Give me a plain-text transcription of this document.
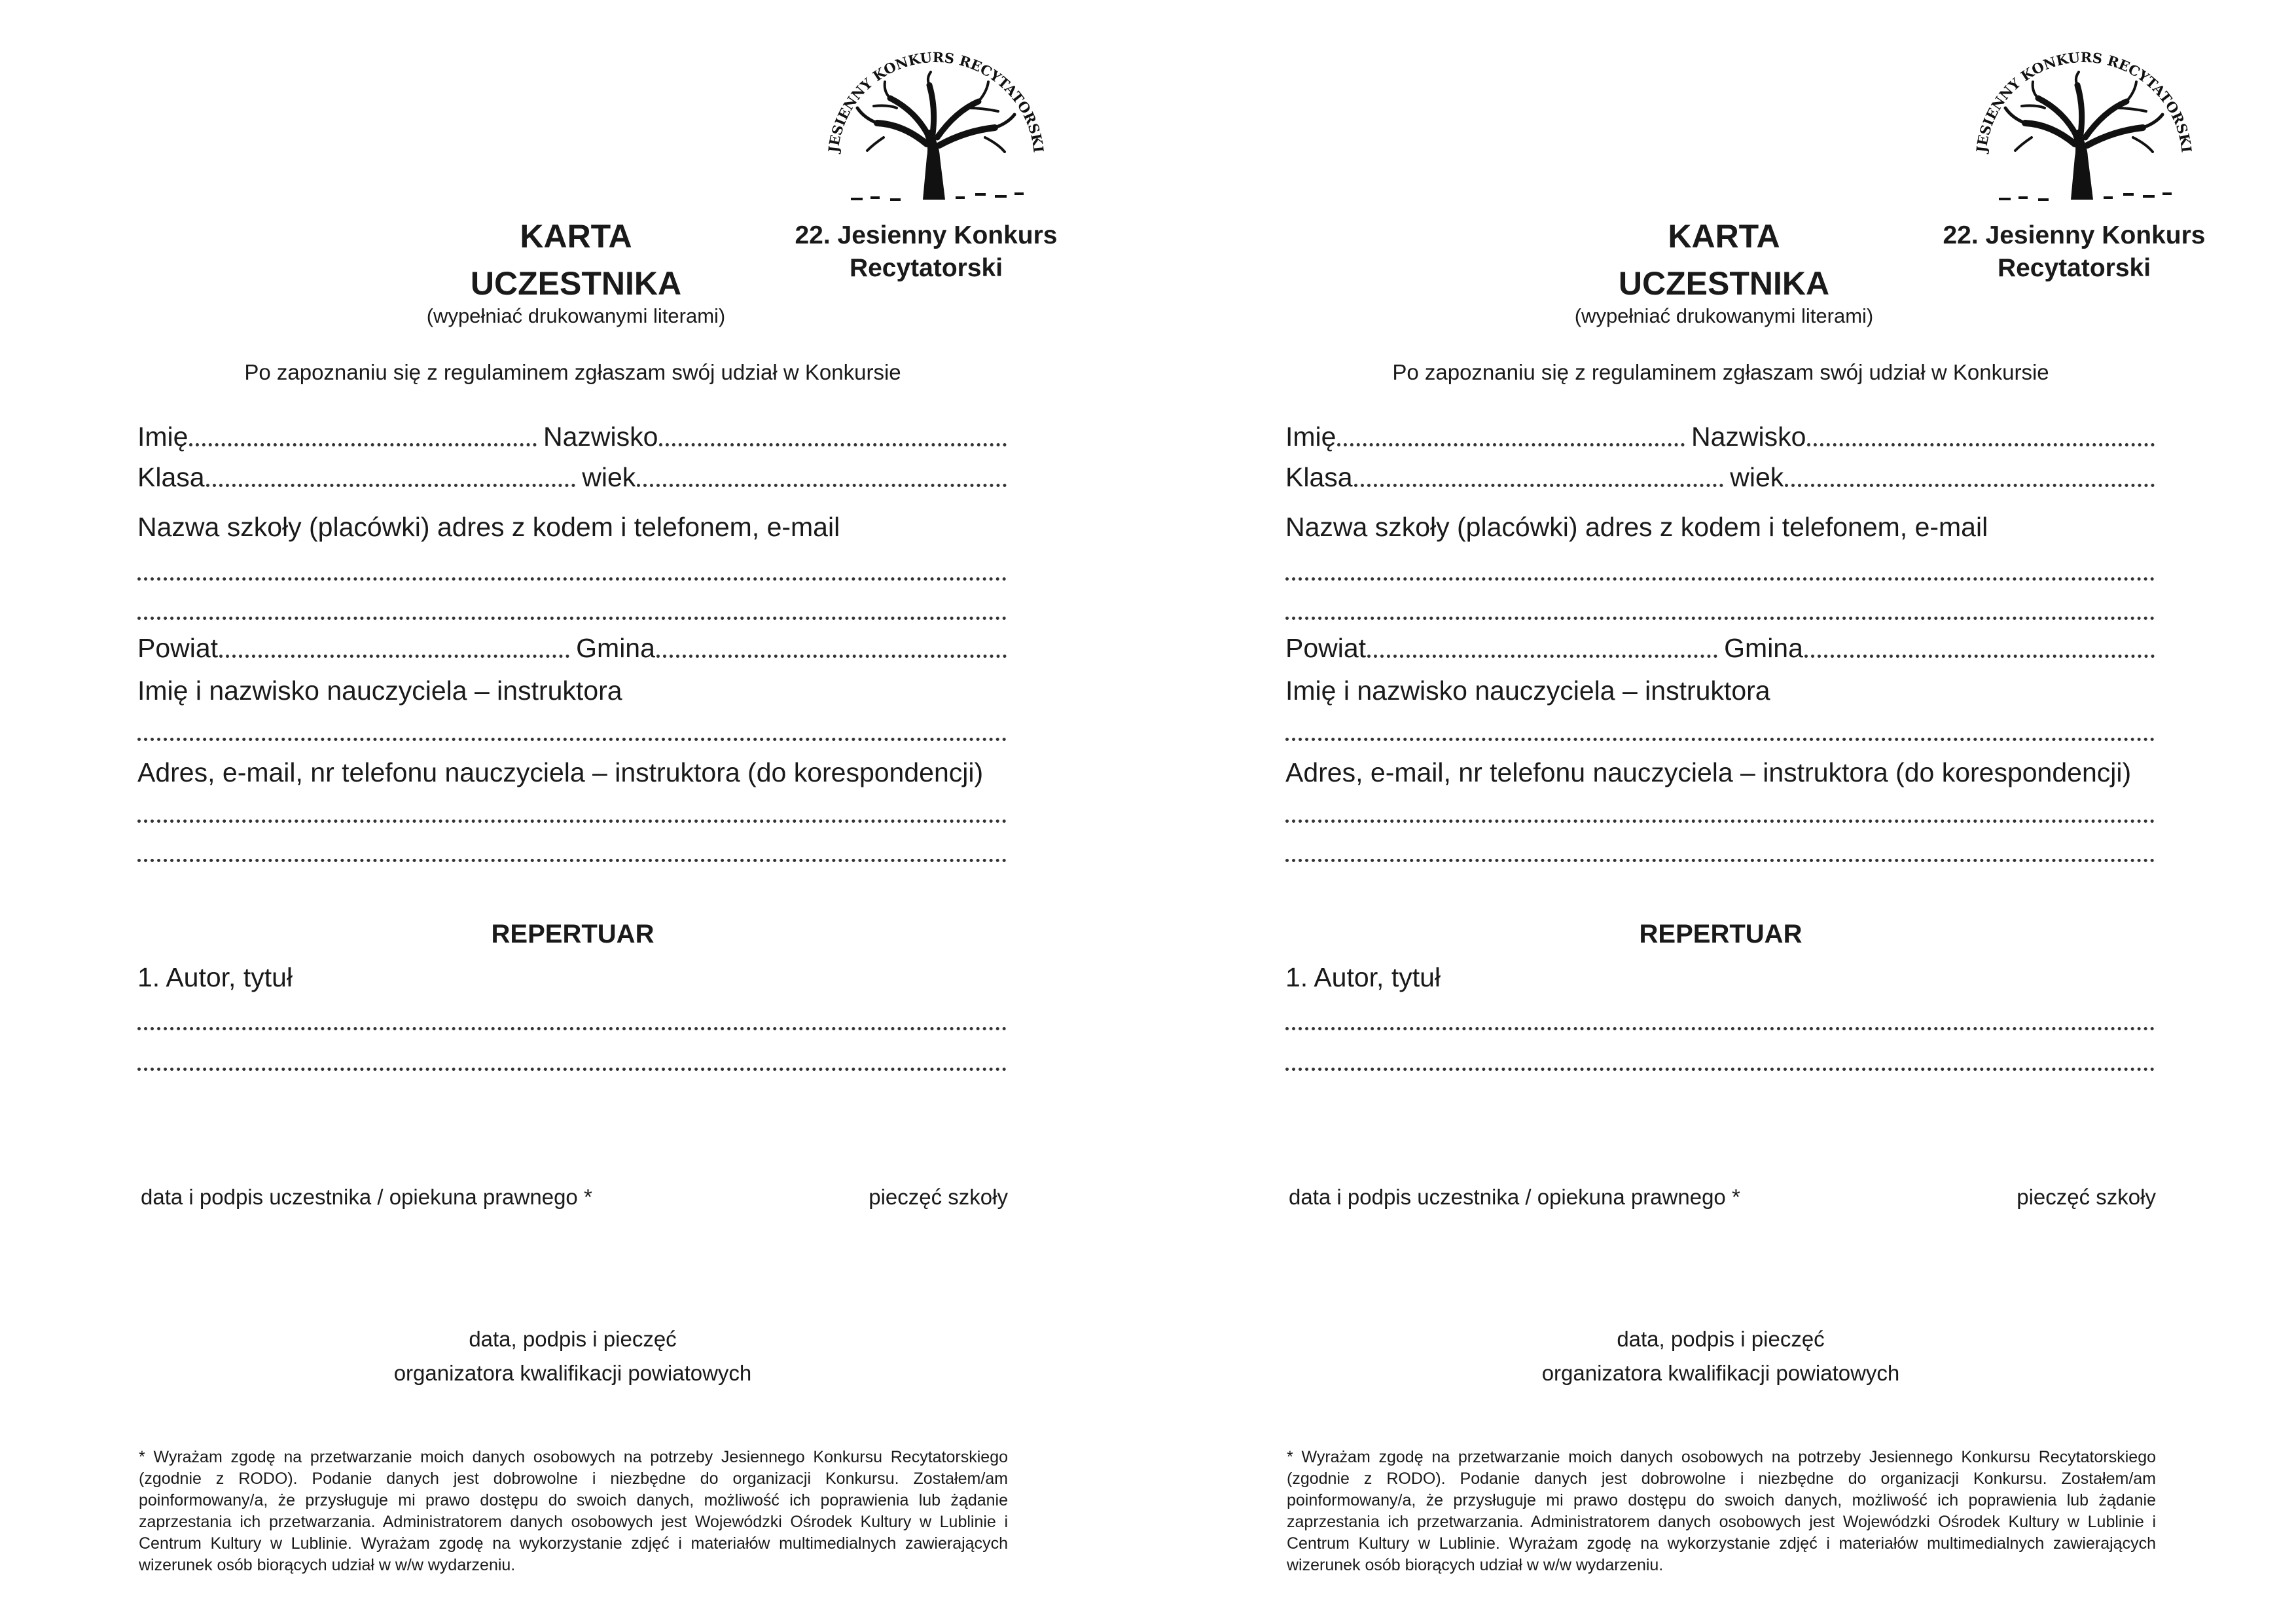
JESIENNY KONKURS RECYTATORSKI
22. Jesienny Konkurs
Recytatorski
KARTA
UCZESTNIKA
(wypełniać drukowanymi literami)
Po zapoznaniu się z regulaminem zgłaszam swój udział w Konkursie
Imię	Nazwisko
Klasa	wiek
Nazwa szkoły (placówki) adres z kodem i telefonem, e-mail
Powiat	Gmina
Imię i nazwisko nauczyciela – instruktora
Adres, e-mail, nr telefonu nauczyciela – instruktora (do korespondencji)
REPERTUAR
1. Autor, tytuł
data i podpis uczestnika / opiekuna prawnego *	pieczęć szkoły
data, podpis i pieczęć
organizatora kwalifikacji powiatowych
* Wyrażam zgodę na przetwarzanie moich danych osobowych na potrzeby Jesiennego Konkursu Recytatorskiego (zgodnie z RODO). Podanie danych jest dobrowolne i niezbędne do organizacji Konkursu. Zostałem/am poinformowany/a, że przysługuje mi prawo dostępu do swoich danych, możliwość ich poprawienia lub żądanie zaprzestania ich przetwarzania. Administratorem danych osobowych jest Wojewódzki Ośrodek Kultury w Lublinie i Centrum Kultury w Lublinie. Wyrażam zgodę na wykorzystanie zdjęć i materiałów multimedialnych zawierających wizerunek osób biorących udział w w/w wydarzeniu.
JESIENNY KONKURS RECYTATORSKI
22. Jesienny Konkurs
Recytatorski
KARTA
UCZESTNIKA
(wypełniać drukowanymi literami)
Po zapoznaniu się z regulaminem zgłaszam swój udział w Konkursie
Imię	Nazwisko
Klasa	wiek
Nazwa szkoły (placówki) adres z kodem i telefonem, e-mail
Powiat	Gmina
Imię i nazwisko nauczyciela – instruktora
Adres, e-mail, nr telefonu nauczyciela – instruktora (do korespondencji)
REPERTUAR
1. Autor, tytuł
data i podpis uczestnika / opiekuna prawnego *	pieczęć szkoły
data, podpis i pieczęć
organizatora kwalifikacji powiatowych
* Wyrażam zgodę na przetwarzanie moich danych osobowych na potrzeby Jesiennego Konkursu Recytatorskiego (zgodnie z RODO). Podanie danych jest dobrowolne i niezbędne do organizacji Konkursu. Zostałem/am poinformowany/a, że przysługuje mi prawo dostępu do swoich danych, możliwość ich poprawienia lub żądanie zaprzestania ich przetwarzania. Administratorem danych osobowych jest Wojewódzki Ośrodek Kultury w Lublinie i Centrum Kultury w Lublinie. Wyrażam zgodę na wykorzystanie zdjęć i materiałów multimedialnych zawierających wizerunek osób biorących udział w w/w wydarzeniu.
